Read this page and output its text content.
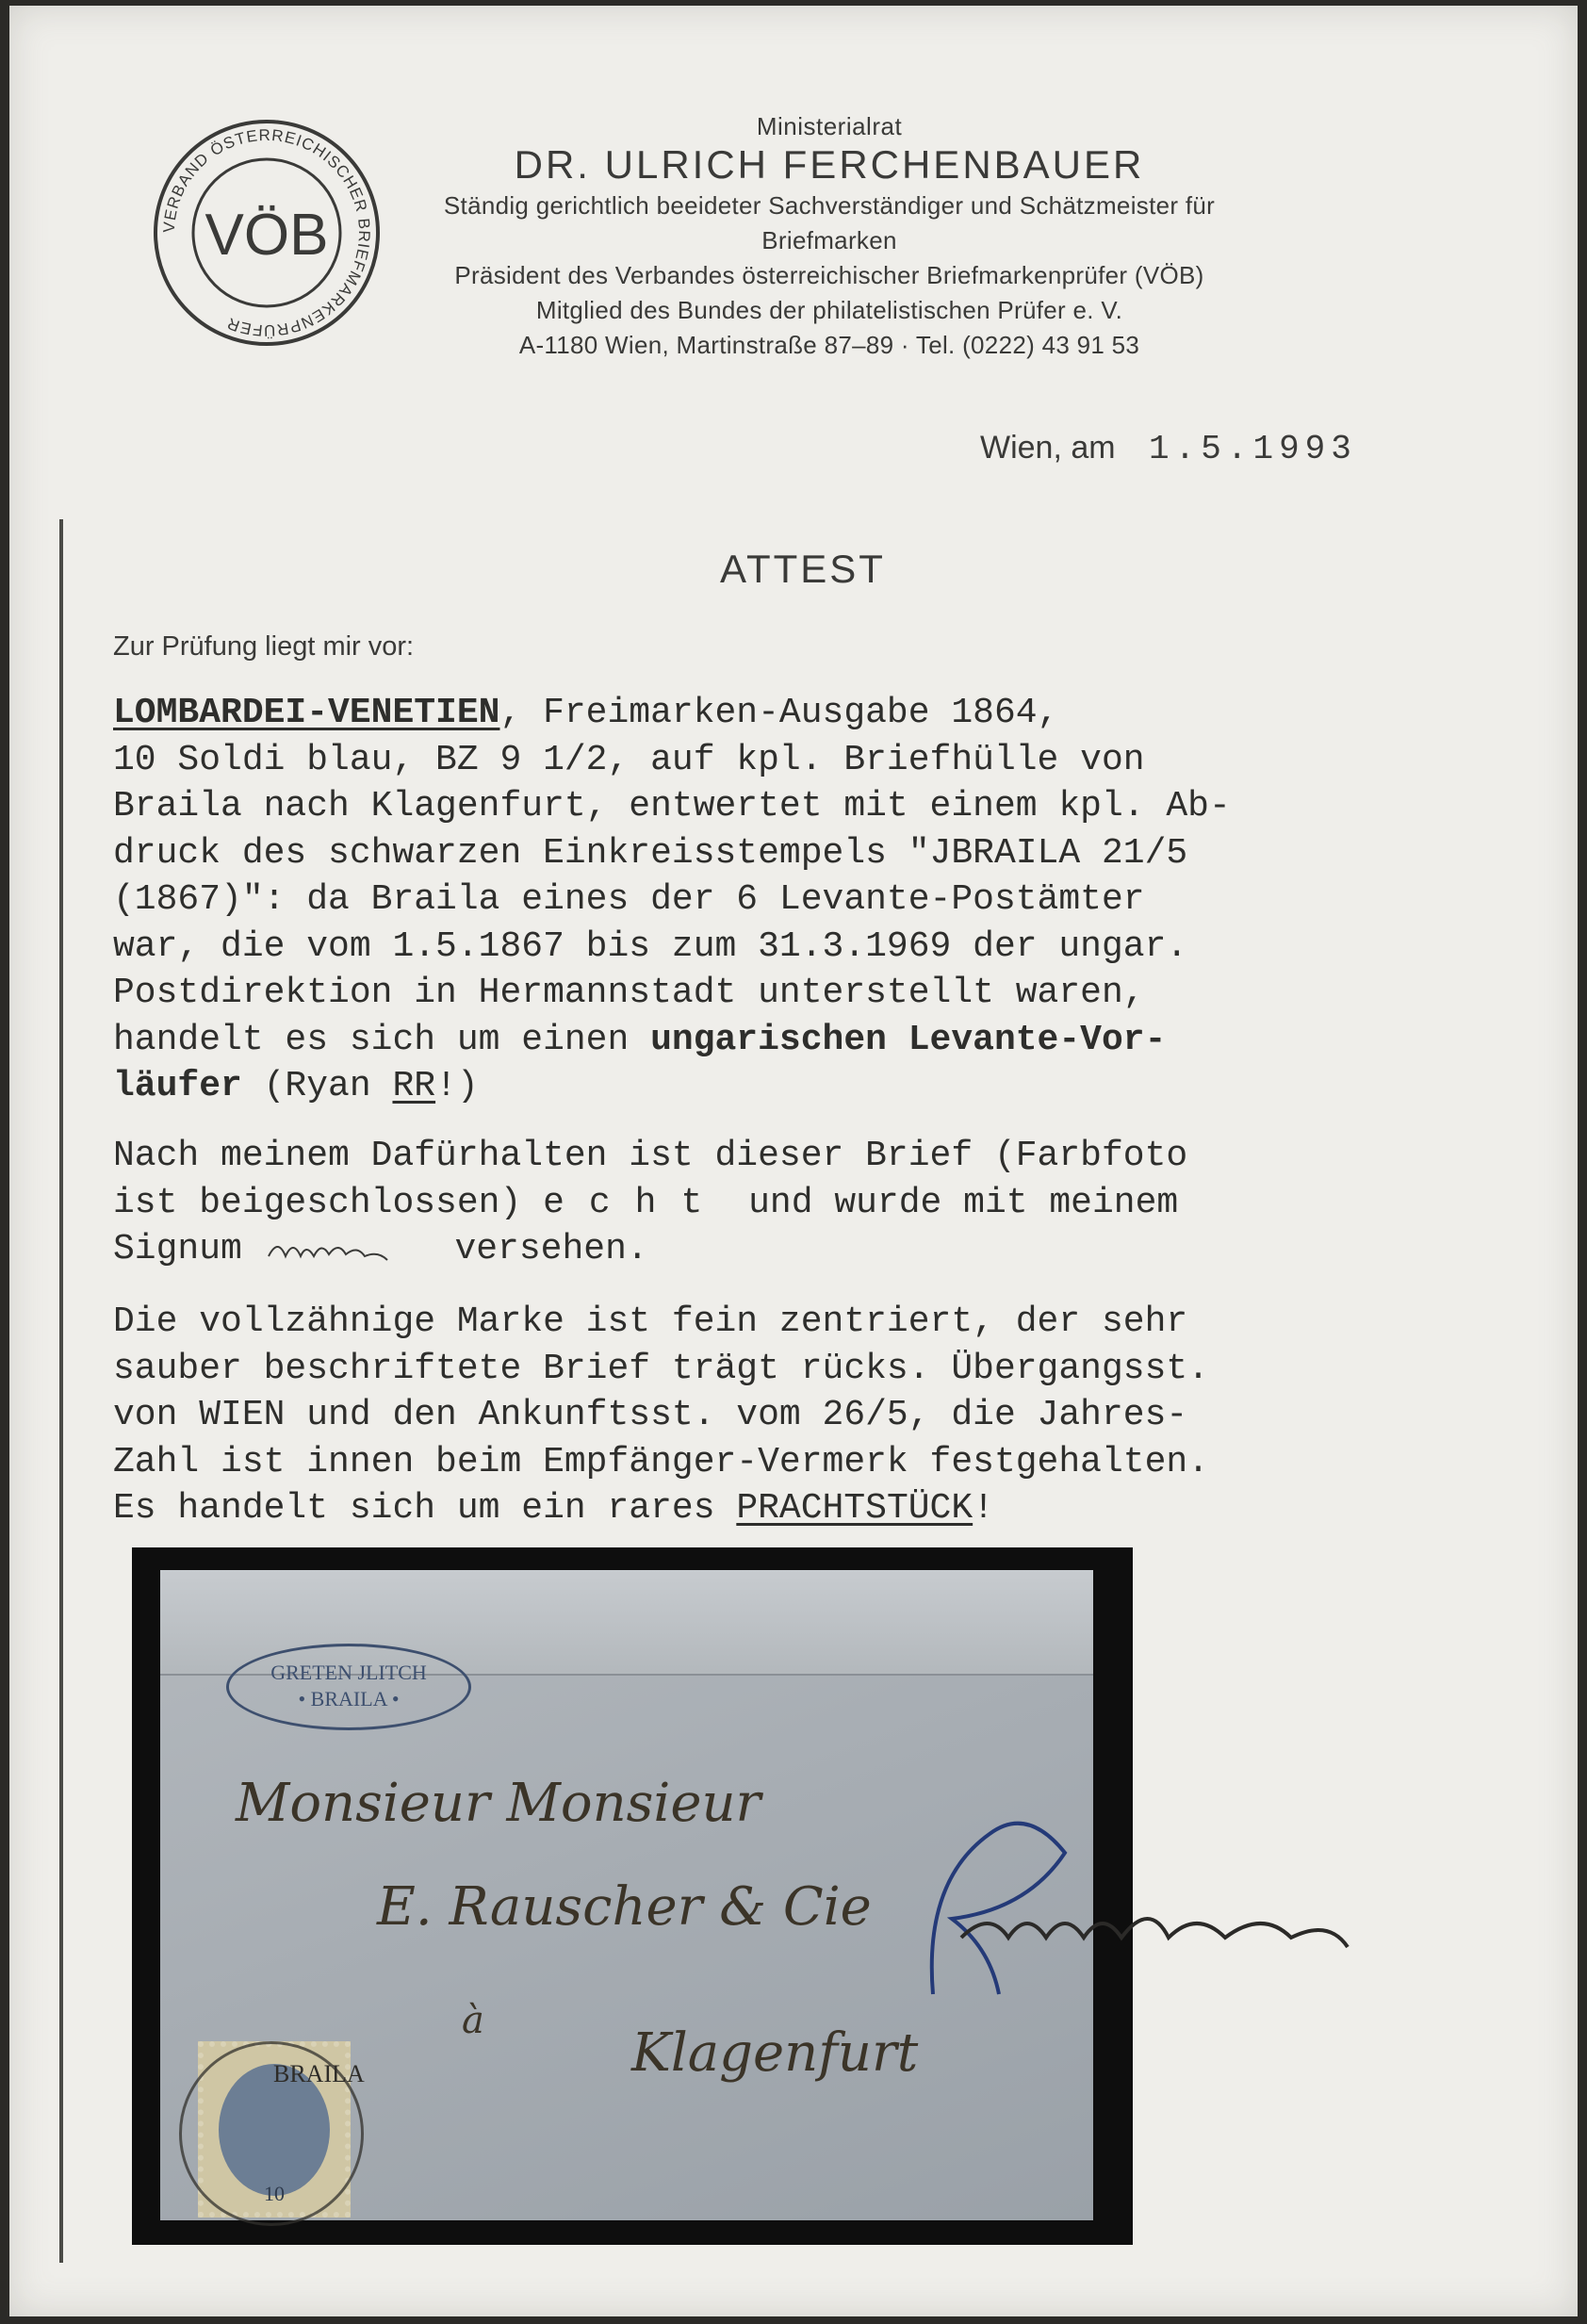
VERBAND ÖSTERREICHISCHER BRIEFMARKENPRÜFER
VÖB
Ministerialrat
DR. ULRICH FERCHENBAUER
Ständig gerichtlich beeideter Sachverständiger und Schätzmeister für Briefmarken
Präsident des Verbandes österreichischer Briefmarkenprüfer (VÖB)
Mitglied des Bundes der philatelistischen Prüfer e. V.
A-1180 Wien, Martinstraße 87–89 · Tel. (0222) 43 91 53
Wien, am 1.5.1993
ATTEST
Zur Prüfung liegt mir vor:
LOMBARDEI-VENETIEN, Freimarken-Ausgabe 1864,
10 Soldi blau, BZ 9 1/2, auf kpl. Briefhülle von
Braila nach Klagenfurt, entwertet mit einem kpl. Ab-
druck des schwarzen Einkreisstempels "JBRAILA 21/5
(1867)": da Braila eines der 6 Levante-Postämter
war, die vom 1.5.1867 bis zum 31.3.1969 der ungar.
Postdirektion in Hermannstadt unterstellt waren,
handelt es sich um einen ungarischen Levante-Vor-
läufer (Ryan RR!)
Nach meinem Dafürhalten ist dieser Brief (Farbfoto
ist beigeschlossen) echt und wurde mit meinem
Signum	versehen.
Die vollzähnige Marke ist fein zentriert, der sehr
sauber beschriftete Brief trägt rücks. Übergangsst.
von WIEN und den Ankunftsst. vom 26/5, die Jahres-
Zahl ist innen beim Empfänger-Vermerk festgehalten.
Es handelt sich um ein rares PRACHTSTÜCK!
GRETEN JLITCH
• BRAILA •
Monsieur Monsieur
E. Rauscher & Cie
à
Klagenfurt
10
BRAILA
